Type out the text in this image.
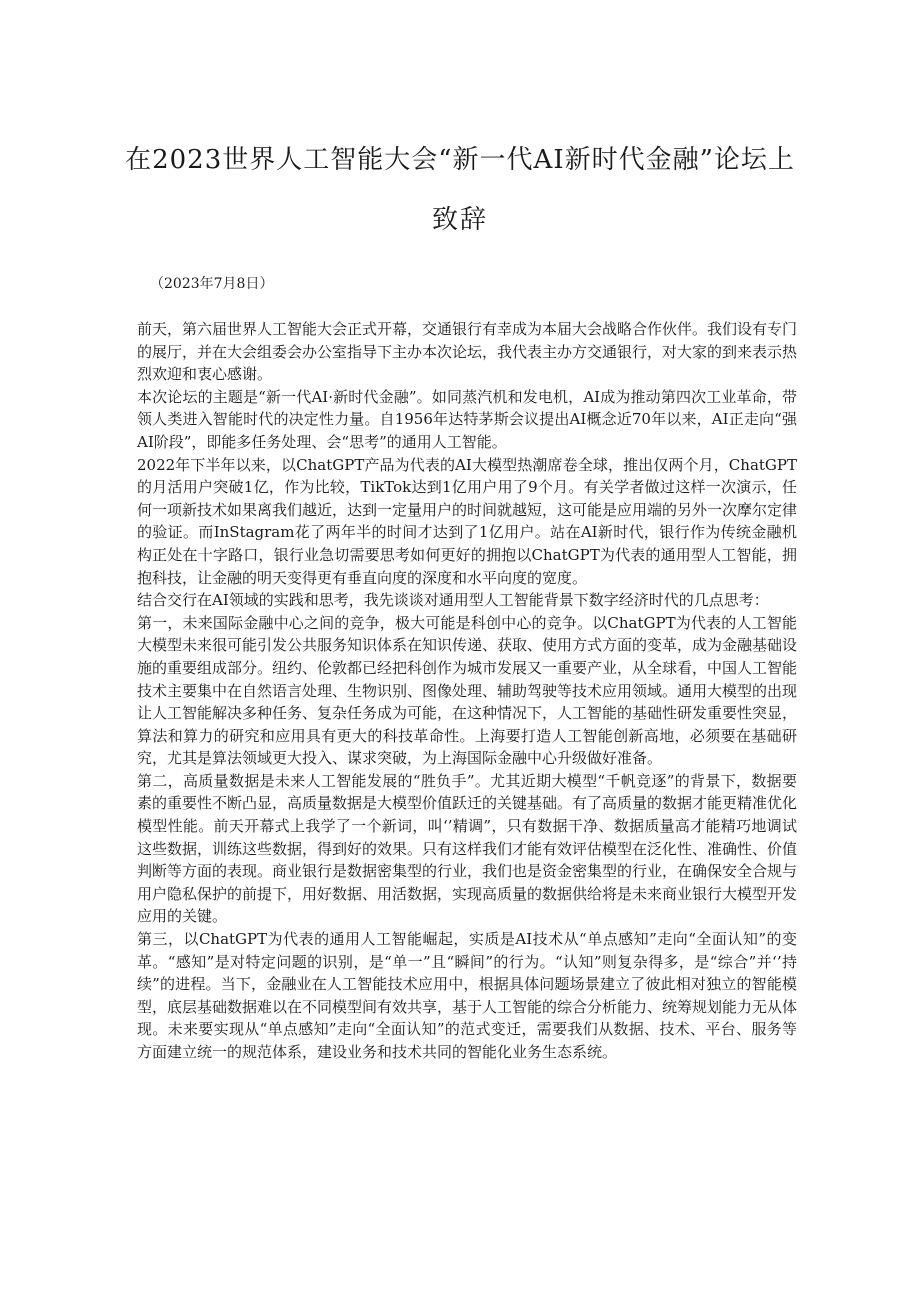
在2023世界人工智能大会“新一代AI新时代金融”论坛上
致辞
（2023年7月8日）

前天，第六届世界人工智能大会正式开幕，交通银行有幸成为本届大会战略合作伙伴。我们设有专门的展厅，并在大会组委会办公室指导下主办本次论坛，我代表主办方交通银行，对大家的到来表示热烈欢迎和衷心感谢。

本次论坛的主题是“新一代AI·新时代金融”。如同蒸汽机和发电机，AI成为推动第四次工业革命，带领人类进入智能时代的决定性力量。自1956年达特茅斯会议提出AI概念近70年以来，AI正走向“强AI阶段”，即能多任务处理、会“思考”的通用人工智能。

2022年下半年以来，以ChatGPT产品为代表的AI大模型热潮席卷全球，推出仅两个月，ChatGPT的月活用户突破1亿，作为比较，TikTok达到1亿用户用了9个月。有关学者做过这样一次演示，任何一项新技术如果离我们越近，达到一定量用户的时间就越短，这可能是应用端的另外一次摩尔定律的验证。而InStagram花了两年半的时间才达到了1亿用户。站在AI新时代，银行作为传统金融机构正处在十字路口，银行业急切需要思考如何更好的拥抱以ChatGPT为代表的通用型人工智能，拥抱科技，让金融的明天变得更有垂直向度的深度和水平向度的宽度。

结合交行在AI领域的实践和思考，我先谈谈对通用型人工智能背景下数字经济时代的几点思考：

第一，未来国际金融中心之间的竞争，极大可能是科创中心的竞争。以ChatGPT为代表的人工智能大模型未来很可能引发公共服务知识体系在知识传递、获取、使用方式方面的变革，成为金融基础设施的重要组成部分。纽约、伦敦都已经把科创作为城市发展又一重要产业，从全球看，中国人工智能技术主要集中在自然语言处理、生物识别、图像处理、辅助驾驶等技术应用领域。通用大模型的出现让人工智能解决多种任务、复杂任务成为可能，在这种情况下，人工智能的基础性研发重要性突显，算法和算力的研究和应用具有更大的科技革命性。上海要打造人工智能创新高地，必须要在基础研究，尤其是算法领域更大投入、谋求突破，为上海国际金融中心升级做好准备。

第二，高质量数据是未来人工智能发展的“胜负手”。尤其近期大模型“千帆竞逐”的背景下，数据要素的重要性不断凸显，高质量数据是大模型价值跃迁的关键基础。有了高质量的数据才能更精准优化模型性能。前天开幕式上我学了一个新词，叫‘’精调”，只有数据干净、数据质量高才能精巧地调试这些数据，训练这些数据，得到好的效果。只有这样我们才能有效评估模型在泛化性、准确性、价值判断等方面的表现。商业银行是数据密集型的行业，我们也是资金密集型的行业，在确保安全合规与用户隐私保护的前提下，用好数据、用活数据，实现高质量的数据供给将是未来商业银行大模型开发应用的关键。

第三，以ChatGPT为代表的通用人工智能崛起，实质是AI技术从“单点感知”走向“全面认知”的变革。“感知”是对特定问题的识别，是“单一”且“瞬间”的行为。“认知”则复杂得多，是“综合”并‘’持续”的进程。当下，金融业在人工智能技术应用中，根据具体问题场景建立了彼此相对独立的智能模型，底层基础数据难以在不同模型间有效共享，基于人工智能的综合分析能力、统筹规划能力无从体现。未来要实现从“单点感知”走向“全面认知”的范式变迁，需要我们从数据、技术、平台、服务等方面建立统一的规范体系，建设业务和技术共同的智能化业务生态系统。
